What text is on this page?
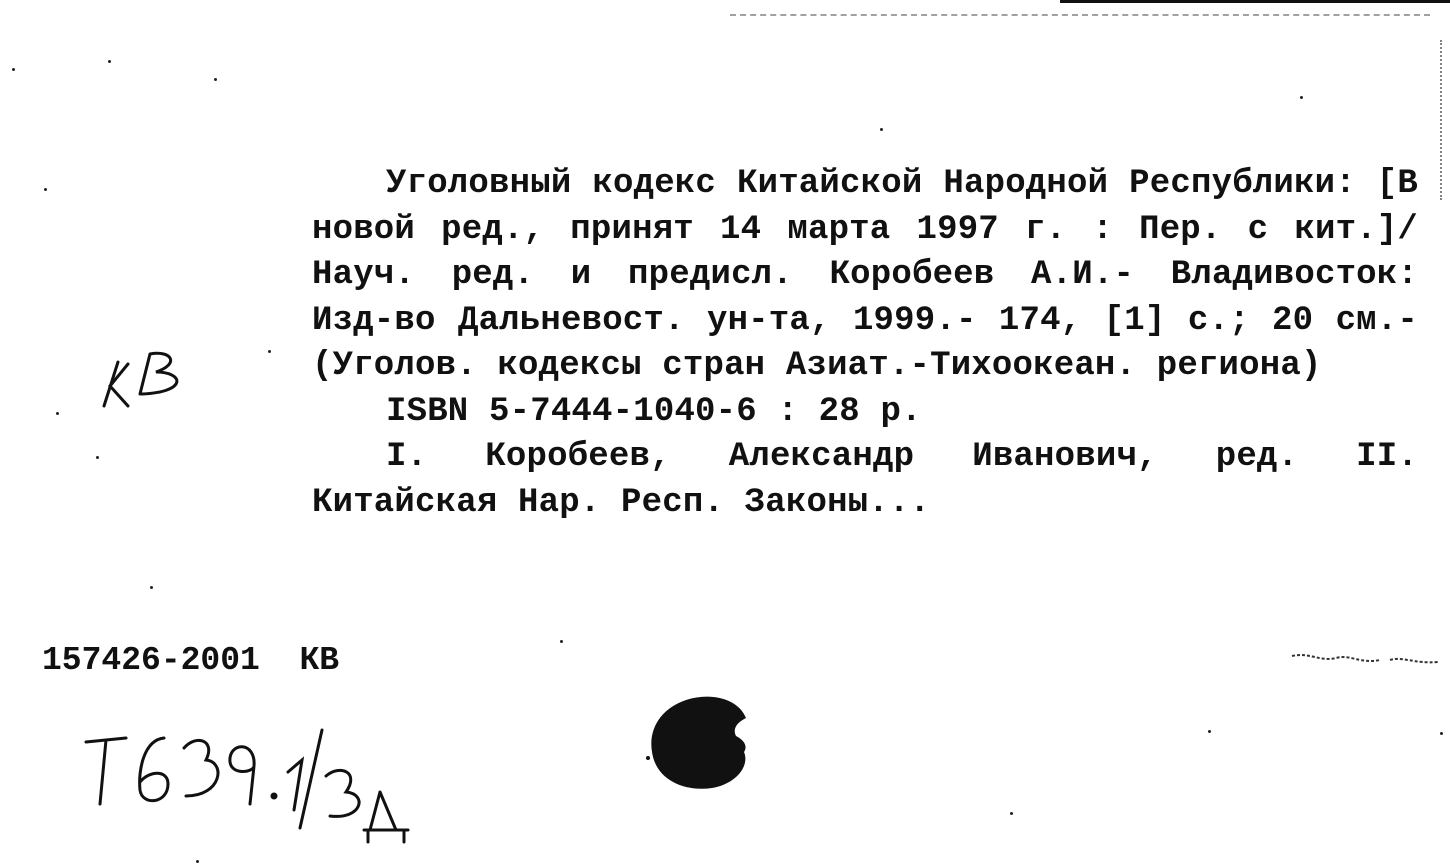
Уголовный кодекс Китайской Народной Республики: [В новой ред., принят 14 марта 1997 г. : Пер. с кит.]/ Науч. ред. и предисл. Коробеев А.И.- Владивосток: Изд-во Дальневост. ун-та, 1999.- 174, [1] с.; 20 см.- (Уголов. кодексы стран Азиат.-Тихоокеан. региона)

ISBN 5-7444-1040-6 : 28 р.

I. Коробеев, Александр Иванович, ред. II. Китайская Нар. Респ. Законы...

157426-2001  КВ
